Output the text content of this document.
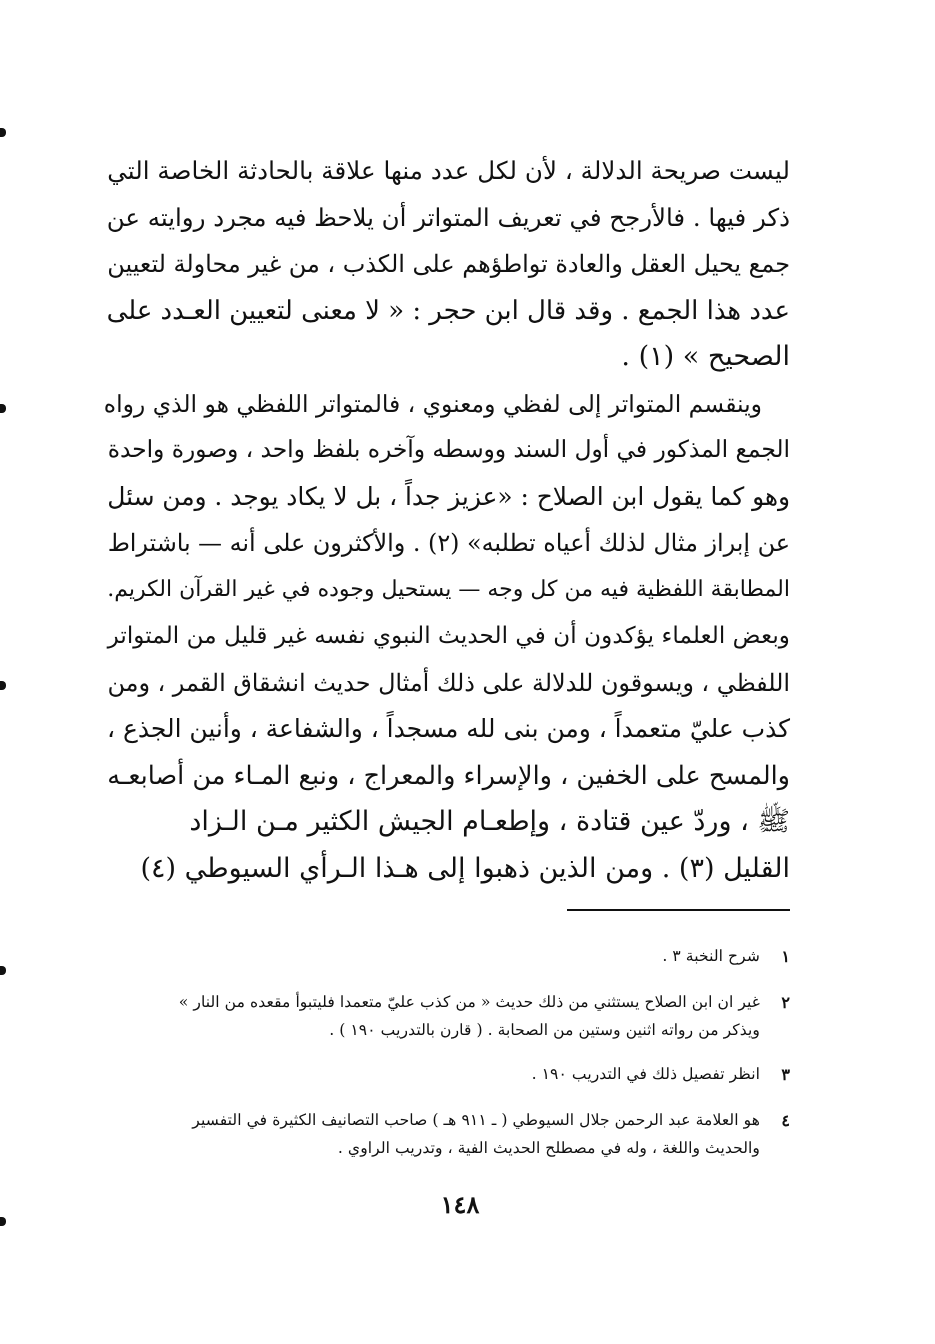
ليست صريحة الدلالة ، لأن لكل عدد منها علاقة بالحادثة الخاصة التي
ذكر فيها . فالأرجح في تعريف المتواتر أن يلاحظ فيه مجرد روايته عن
جمع يحيل العقل والعادة تواطؤهم على الكذب ، من غير محاولة لتعيين
عدد هذا الجمع . وقد قال ابن حجر : « لا معنى لتعيين العـدد على
الصحيح » (١) .
وينقسم المتواتر إلى لفظي ومعنوي ، فالمتواتر اللفظي هو الذي رواه
الجمع المذكور في أول السند ووسطه وآخره بلفظ واحد ، وصورة واحدة
وهو كما يقول ابن الصلاح : «عزيز جداً ، بل لا يكاد يوجد . ومن سئل
عن إبراز مثال لذلك أعياه تطلبه» (٢) . والأكثرون على أنه — باشتراط
المطابقة اللفظية فيه من كل وجه — يستحيل وجوده في غير القرآن الكريم.
وبعض العلماء يؤكدون أن في الحديث النبوي نفسه غير قليل من المتواتر
اللفظي ، ويسوقون للدلالة على ذلك أمثال حديث انشقاق القمر ، ومن
كذب عليّ متعمداً ، ومن بنى لله مسجداً ، والشفاعة ، وأنين الجذع ،
والمسح على الخفين ، والإسراء والمعراج ، ونبع المـاء من أصابعـه
ﷺ ، وردّ عين قتادة ، وإطعـام الجيش الكثير مـن الـزاد
القليل (٣) . ومن الذين ذهبوا إلى هـذا الـرأي السيوطي (٤)
١
شرح النخبة ٣ .
٢
غير ان ابن الصلاح يستثني من ذلك حديث « من كذب عليّ متعمدا فليتبوأ مقعده من النار »
ويذكر من رواته اثنين وستين من الصحابة . ( قارن بالتدريب ١٩٠ ) .
٣
انظر تفصيل ذلك في التدريب ١٩٠ .
٤
هو العلامة عبد الرحمن جلال السيوطي ( ـ ٩١١ هـ ) صاحب التصانيف الكثيرة في التفسير
والحديث واللغة ، وله في مصطلح الحديث الفية ، وتدريب الراوي .
١٤٨
